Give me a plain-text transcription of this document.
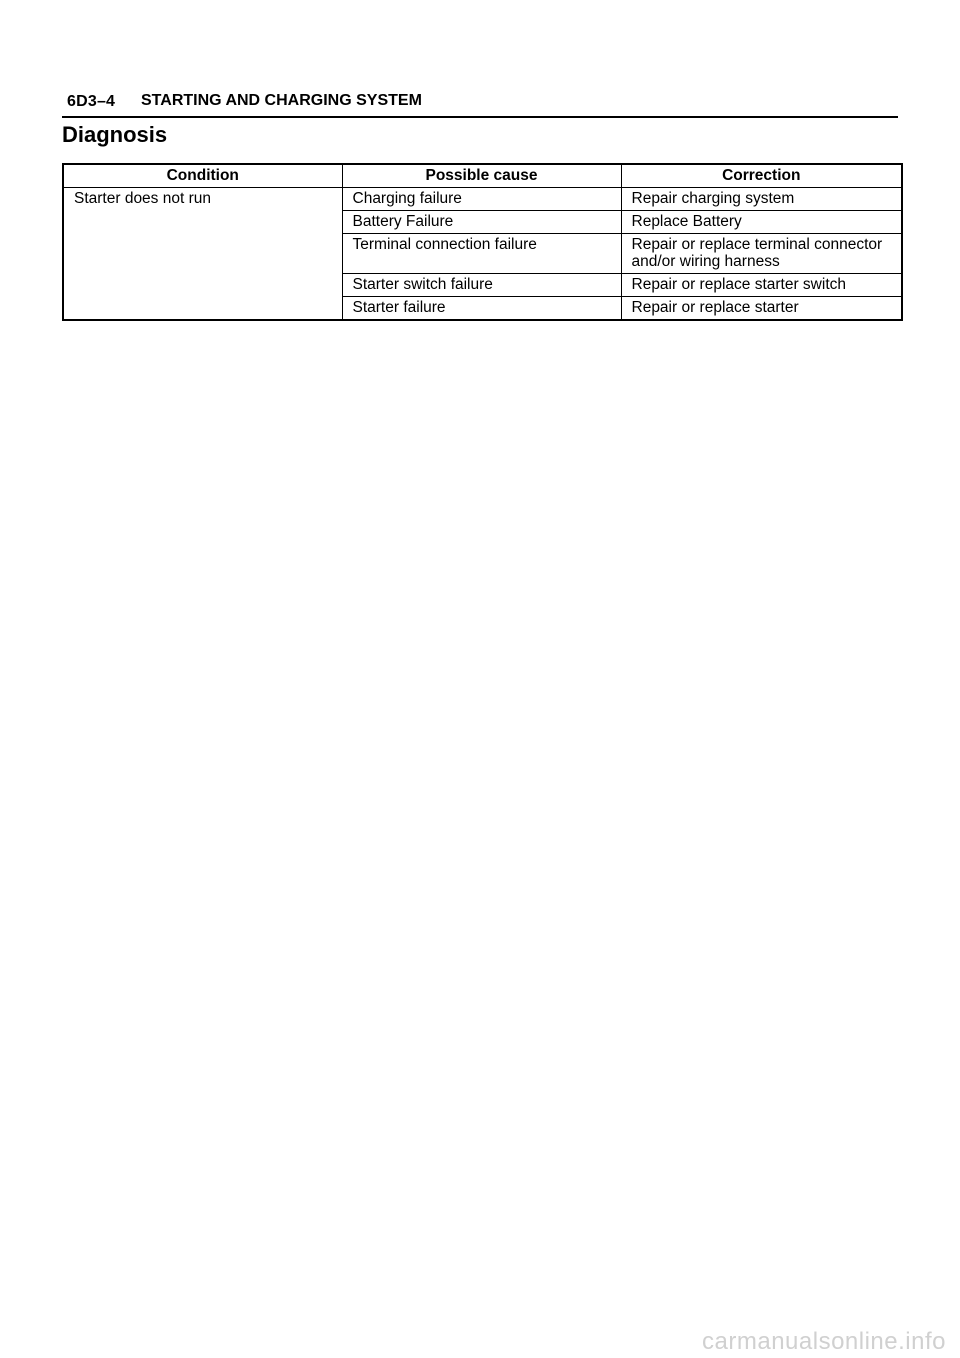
6D3–4 STARTING AND CHARGING SYSTEM
Diagnosis
Condition	Possible cause	Correction
Starter does not run	Charging failure	Repair charging system
	Battery Failure	Replace Battery
	Terminal connection failure	Repair or replace terminal connector and/or wiring harness
	Starter switch failure	Repair or replace starter switch
	Starter failure	Repair or replace starter
carmanualsonline.info
